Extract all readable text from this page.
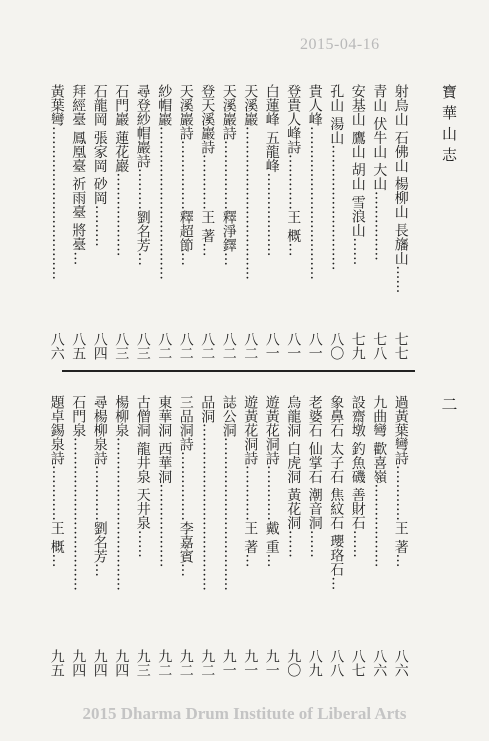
2015-04-16
寶華山志
二
射烏山 石佛山 楊柳山 長旛山……
七七
青山 伏牛山 大山……………
七八
安基山 鷹山 胡山 雪浪山……
七九
孔山 湯山………………………
八〇
貴人峰……………………………
八一
登貴人峰詩…………王 概…
八一
白蓮峰 五龍峰………………
八一
天溪巖……………………………
八二
天溪巖詩……………釋淨鐸…
八二
登天溪巖詩…………王 著…
八二
天溪巖詩……………釋超節…
八二
紗帽巖……………………………
八二
尋登紗帽巖詩………劉名芳…
八三
石門巖 蓮花巖………………
八三
石龍岡 張家岡 砂岡………
八四
拜經臺 鳳凰臺 祈雨臺 將臺…
八五
黃葉彎……………………………
八六
過黃葉彎詩…………王 著…
八六
九曲彎 歡喜嶺………………
八六
設齋墩 釣魚磯 善財石……
八七
象鼻石 太子石 焦紋石 瓔珞石…
八八
老婆石 仙掌石 潮音洞……
八九
烏龍洞 白虎洞 黃花洞……
九〇
遊黃花洞詩…………戴 重…
九一
遊黃花洞詩…………王 著…
九一
誌公洞……………………………
九一
品洞………………………………
九二
三品洞詩……………李嘉賓…
九二
東華洞 西華洞………………
九二
古僧洞 龍井泉 天井泉……
九三
楊柳泉……………………………
九四
尋楊柳泉詩…………劉名芳…
九四
石門泉……………………………
九四
題卓錫泉詩…………王 概…
九五
2015 Dharma Drum Institute of Liberal Arts
